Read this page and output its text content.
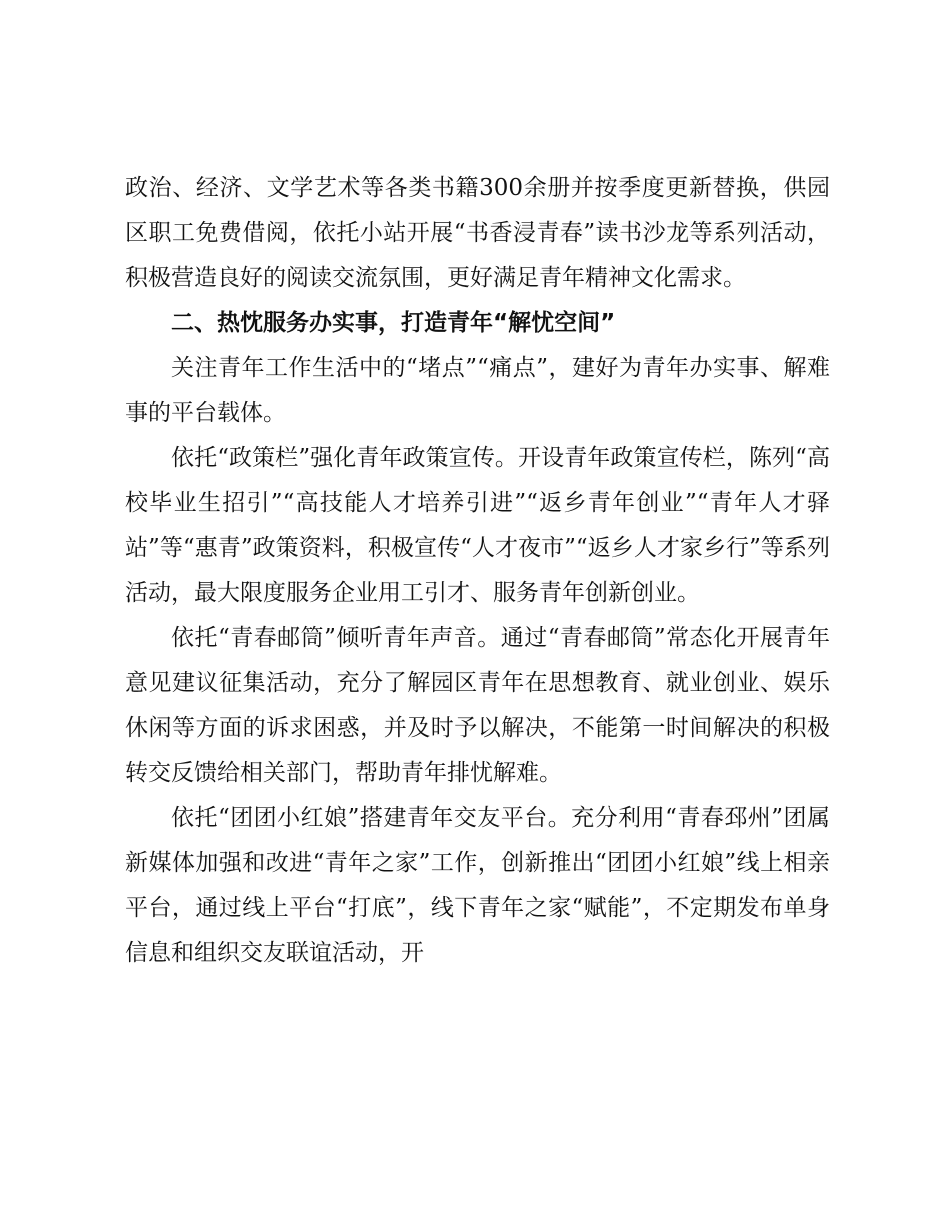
政治、经济、文学艺术等各类书籍300余册并按季度更新替换，供园区职工免费借阅，依托小站开展“书香浸青春”读书沙龙等系列活动，积极营造良好的阅读交流氛围，更好满足青年精神文化需求。

二、热忱服务办实事，打造青年“解忧空间”

关注青年工作生活中的“堵点”“痛点”，建好为青年办实事、解难事的平台载体。

依托“政策栏”强化青年政策宣传。开设青年政策宣传栏，陈列“高校毕业生招引”“高技能人才培养引进”“返乡青年创业”“青年人才驿站”等“惠青”政策资料，积极宣传“人才夜市”“返乡人才家乡行”等系列活动，最大限度服务企业用工引才、服务青年创新创业。

依托“青春邮筒”倾听青年声音。通过“青春邮筒”常态化开展青年意见建议征集活动，充分了解园区青年在思想教育、就业创业、娱乐休闲等方面的诉求困惑，并及时予以解决，不能第一时间解决的积极转交反馈给相关部门，帮助青年排忧解难。

依托“团团小红娘”搭建青年交友平台。充分利用“青春邳州”团属新媒体加强和改进“青年之家”工作，创新推出“团团小红娘”线上相亲平台，通过线上平台“打底”，线下青年之家“赋能”，不定期发布单身信息和组织交友联谊活动，开
